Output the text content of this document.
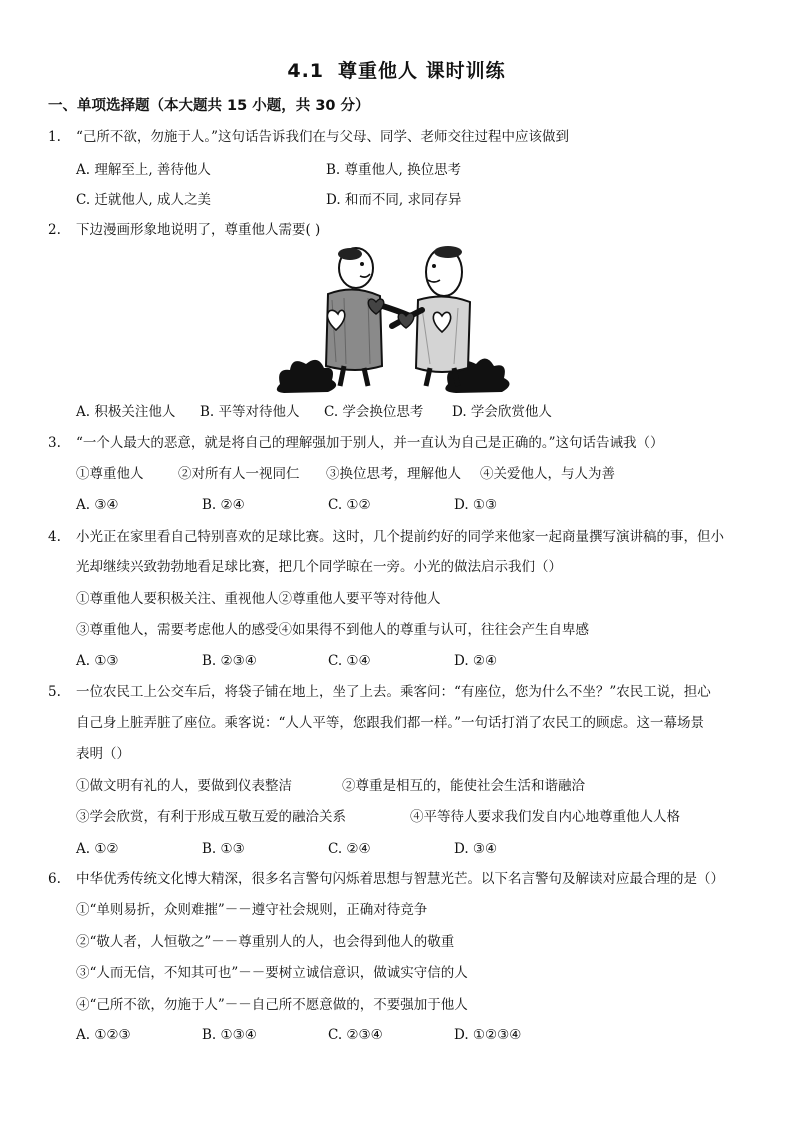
4.1 尊重他人 课时训练
一、单项选择题（本大题共 15 小题，共 30 分）
1. “己所不欲，勿施于人。”这句话告诉我们在与父母、同学、老师交往过程中应该做到
A. 理解至上, 善待他人	B. 尊重他人, 换位思考
C. 迁就他人, 成人之美	D. 和而不同, 求同存异
2. 下边漫画形象地说明了，尊重他人需要( )
A. 积极关注他人 B. 平等对待他人 C. 学会换位思考 D. 学会欣赏他人
3. “一个人最大的恶意，就是将自己的理解强加于别人，并一直认为自己是正确的。”这句话告诫我（）
①尊重他人	②对所有人一视同仁 ③换位思考，理解他人 ④关爱他人，与人为善
A. ③④	B. ②④	C. ①②	D. ①③
4. 小光正在家里看自己特别喜欢的足球比赛。这时，几个提前约好的同学来他家一起商量撰写演讲稿的事，但小
光却继续兴致勃勃地看足球比赛，把几个同学晾在一旁。小光的做法启示我们（）
①尊重他人要积极关注、重视他人②尊重他人要平等对待他人
③尊重他人，需要考虑他人的感受④如果得不到他人的尊重与认可，往往会产生自卑感
A. ①③	B. ②③④	C. ①④	D. ②④
5. 一位农民工上公交车后，将袋子铺在地上，坐了上去。乘客问：“有座位，您为什么不坐？”农民工说，担心
自己身上脏弄脏了座位。乘客说：“人人平等，您跟我们都一样。”一句话打消了农民工的顾虑。这一幕场景
表明（）
①做文明有礼的人，要做到仪表整洁	②尊重是相互的，能使社会生活和谐融洽
③学会欣赏，有利于形成互敬互爱的融洽关系	④平等待人要求我们发自内心地尊重他人人格
A. ①②	B. ①③	C. ②④	D. ③④
6. 中华优秀传统文化博大精深，很多名言警句闪烁着思想与智慧光芒。以下名言警句及解读对应最合理的是（）
①“单则易折，众则难摧”－－遵守社会规则，正确对待竞争
②“敬人者，人恒敬之”－－尊重别人的人，也会得到他人的敬重
③“人而无信，不知其可也”－－要树立诚信意识，做诚实守信的人
④“己所不欲，勿施于人”－－自己所不愿意做的，不要强加于他人
A. ①②③	B. ①③④	C. ②③④	D. ①②③④
